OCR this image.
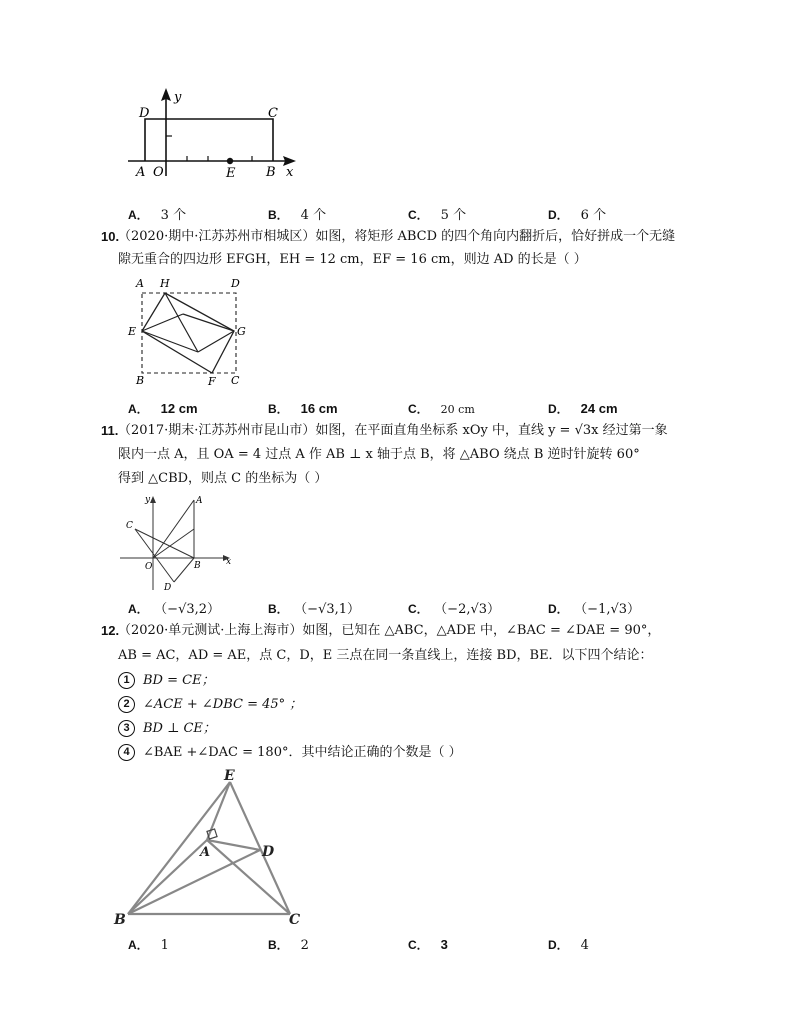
D
y
C
A O	E B x
A． 3 个	B． 4 个	C． 5 个	D． 6 个
10.
（2020·期中·江苏苏州市相城区）如图，将矩形 ABCD 的四个角向内翻折后，恰好拼成一个无缝
隙无重合的四边形 EFGH，EH = 12 cm，EF = 16 cm，则边 AD 的长是（ ）
A H	D
E	G
B	F C
A． 12 cm	B． 16 cm	C． 20 cm	D． 24 cm
11. （2017·期末·江苏苏州市昆山市）如图，在平面直角坐标系 xOy 中，直线 y = √3x 经过第一象
限内一点 A，且 OA = 4 过点 A 作 AB ⊥ x 轴于点 B，将 △ABO 绕点 B 逆时针旋转 60°
得到 △CBD，则点 C 的坐标为（ ）
y	A
C
O	B	x
D
A． （−√3,2）	B． （−√3,1）	C． （−2,√3）	D． （−1,√3）
12.
（2020·单元测试·上海上海市）如图，已知在 △ABC，△ADE 中，∠BAC = ∠DAE = 90°，
AB = AC，AD = AE，点 C，D，E 三点在同一条直线上，连接 BD，BE．以下四个结论：
1 BD = CE；
2 ∠ACE + ∠DBC = 45° ；
3 BD ⊥ CE；
4 ∠BAE +∠DAC = 180°．其中结论正确的个数是（ ）
E
D
A
B	C
A． 1	B． 2	C． 3	D． 4
